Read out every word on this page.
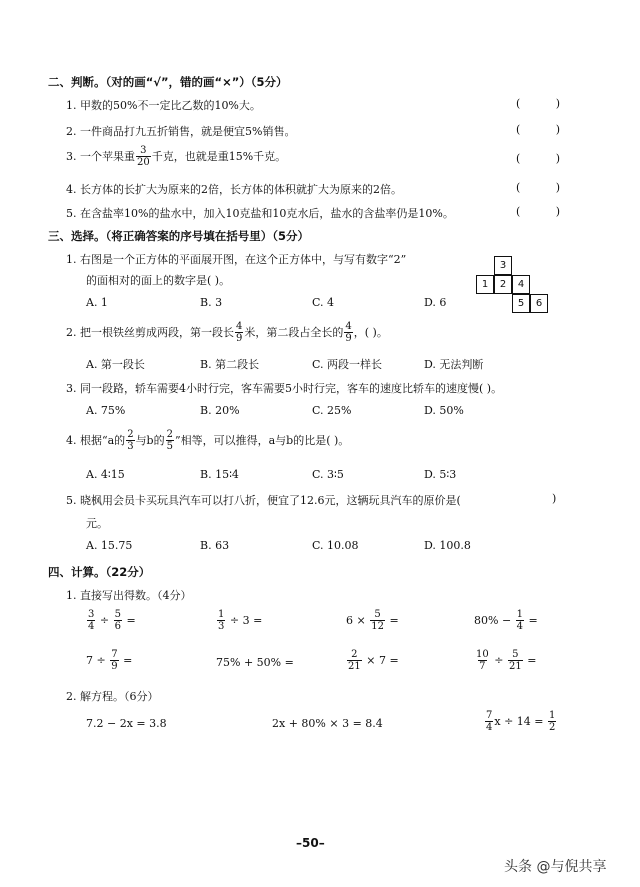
二、判断。（对的画“√”，错的画“×”）（5分）
1. 甲数的50%不一定比乙数的10%大。
2. 一件商品打九五折销售，就是便宜5%销售。
3. 一个苹果重 $\frac{3}{20}$ 千克，也就是重15%千克。
4. 长方体的长扩大为原来的2倍，长方体的体积就扩大为原来的2倍。
5. 在含盐率10%的盐水中，加入10克盐和10克水后，盐水的含盐率仍是10%。
三、选择。（将正确答案的序号填在括号里）（5分）
1. 右图是一个正方体的平面展开图，在这个正方体中，与写有数字“2”
的面相对的面上的数字是( )。
A. 1	B. 3	C. 4	D. 6
3
1	2	4
5	6
2. 把一根铁丝剪成两段，第一段长 $\frac{4}{9}$ 米，第二段占全长的 $\frac{4}{9}$ ，( )。
A. 第一段长	B. 第二段长	C. 两段一样长	D. 无法判断
3. 同一段路，轿车需要4小时行完，客车需要5小时行完，客车的速度比轿车的速度慢( )。
A. 75%	B. 20%	C. 25%	D. 50%
4. 根据“a的 $\frac{2}{3}$ 与b的 $\frac{2}{5}$ ”相等，可以推得，a与b的比是( )。
A. 4∶15	B. 15∶4	C. 3∶5	D. 5∶3
5. 晓枫用会员卡买玩具汽车可以打八折，便宜了12.6元，这辆玩具汽车的原价是(	)
元。
A. 15.75	B. 63	C. 10.08	D. 100.8
四、计算。（22分）
1. 直接写出得数。（4分）
$\frac{3}{4} \div \frac{5}{6}$ =	$\frac{1}{3} \div 3$ =	$6 \times \frac{5}{12}$ =	$80\% - \frac{1}{4}$ =
$7 \div \frac{7}{9}$ =	75% + 50% =	$\frac{2}{21} \times 7$ =	$\frac{10}{7} \div \frac{5}{21}$ =
2. 解方程。（6分）
7.2 − 2x = 3.8	2x + 80% × 3 = 8.4	$\frac{7}{4}$ $x \div 14 = \frac{1}{2}$
–50–
头条 @与倪共享
